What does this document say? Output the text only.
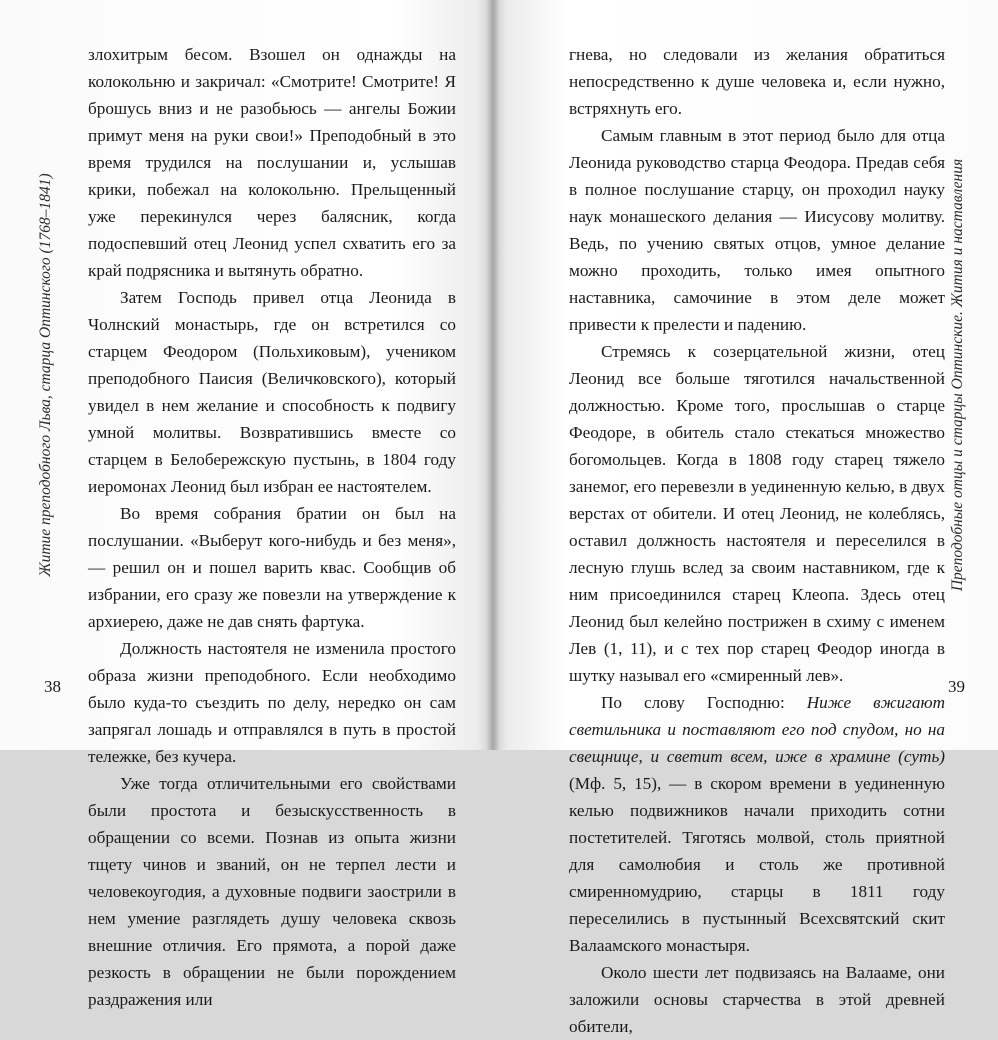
Житие преподобного Льва, старца Оптинского (1768–1841)

злохитрым бесом. Взошел он однажды на колокольню и закричал: «Смотрите! Смотрите! Я брошусь вниз и не разобьюсь — ангелы Божии примут меня на руки свои!» Преподобный в это время трудился на послушании и, услышав крики, побежал на колокольню. Прельщенный уже перекинулся через балясник, когда подоспевший отец Леонид успел схватить его за край подрясника и вытянуть обратно.

Затем Господь привел отца Леонида в Чолнский монастырь, где он встретился со старцем Феодором (Польхиковым), учеником преподобного Паисия (Величковского), который увидел в нем желание и способность к подвигу умной молитвы. Возвратившись вместе со старцем в Белобережскую пустынь, в 1804 году иеромонах Леонид был избран ее настоятелем.

Во время собрания братии он был на послушании. «Выберут кого-нибудь и без меня», — решил он и пошел варить квас. Сообщив об избрании, его сразу же повезли на утверждение к архиерею, даже не дав снять фартука.

Должность настоятеля не изменила простого образа жизни преподобного. Если необходимо было куда-то съездить по делу, нередко он сам запрягал лошадь и отправлялся в путь в простой тележке, без кучера.

Уже тогда отличительными его свойствами были простота и безыскусственность в обращении со всеми. Познав из опыта жизни тщету чинов и званий, он не терпел лести и человекоугодия, а духовные подвиги заострили в нем умение разглядеть душу человека сквозь внешние отличия. Его прямота, а порой даже резкость в обращении не были порождением раздражения или

38
Преподобные отцы и старцы Оптинские. Жития и наставления

гнева, но следовали из желания обратиться непосредственно к душе человека и, если нужно, встряхнуть его.

Самым главным в этот период было для отца Леонида руководство старца Феодора. Предав себя в полное послушание старцу, он проходил науку наук монашеского делания — Иисусову молитву. Ведь, по учению святых отцов, умное делание можно проходить, только имея опытного наставника, самочиние в этом деле может привести к прелести и падению.

Стремясь к созерцательной жизни, отец Леонид все больше тяготился начальственной должностью. Кроме того, прослышав о старце Феодоре, в обитель стало стекаться множество богомольцев. Когда в 1808 году старец тяжело занемог, его перевезли в уединенную келью, в двух верстах от обители. И отец Леонид, не колеблясь, оставил должность настоятеля и переселился в лесную глушь вслед за своим наставником, где к ним присоединился старец Клеопа. Здесь отец Леонид был келейно пострижен в схиму с именем Лев (1, 11), и с тех пор старец Феодор иногда в шутку называл его «смиренный лев».

По слову Господню: Ниже вжигают светильника и поставляют его под спудом, но на свещнице, и светит всем, иже в храмине (суть) (Мф. 5, 15), — в скором времени в уединенную келью подвижников начали приходить сотни постетителей. Тяготясь молвой, столь приятной для самолюбия и столь же противной смиренномудрию, старцы в 1811 году переселились в пустынный Всехсвятский скит Валаамского монастыря.

Около шести лет подвизаясь на Валааме, они заложили основы старчества в этой древней обители,

39
